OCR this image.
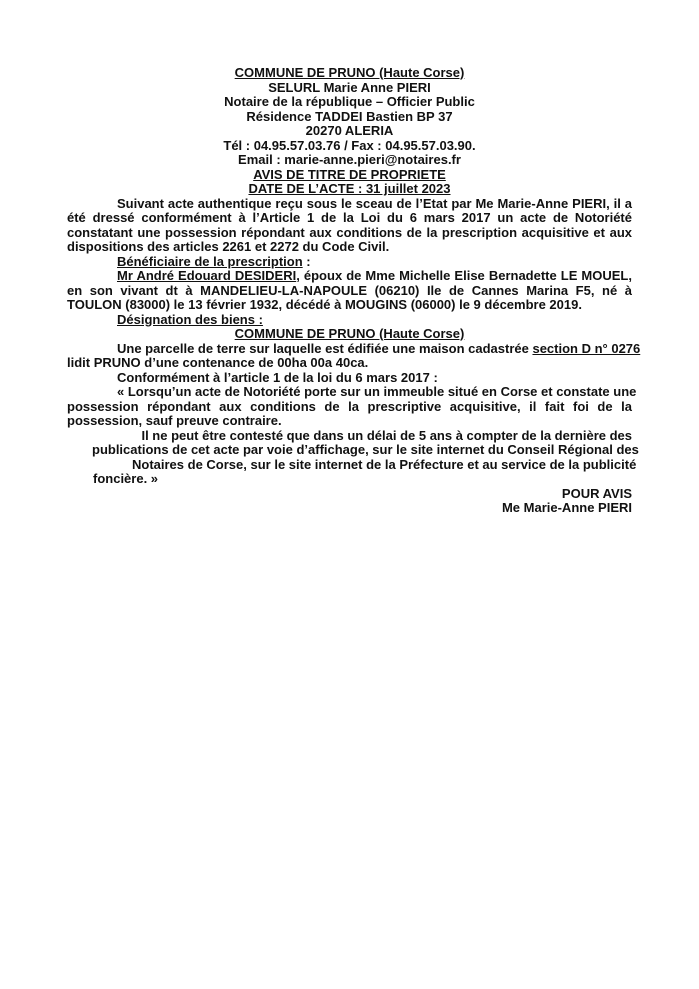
COMMUNE DE PRUNO (Haute Corse)
SELURL Marie Anne PIERI
Notaire de la république – Officier Public
Résidence TADDEI Bastien BP 37
20270 ALERIA
Tél : 04.95.57.03.76 / Fax : 04.95.57.03.90.
Email : marie-anne.pieri@notaires.fr
AVIS DE TITRE DE PROPRIETE
DATE DE L’ACTE : 31 juillet 2023
Suivant acte authentique reçu sous le sceau de l’Etat par Me Marie-Anne PIERI, il a
été dressé conformément à l’Article 1 de la Loi du 6 mars 2017 un acte de Notoriété
constatant une possession répondant aux conditions de la prescription acquisitive et aux
dispositions des articles 2261 et 2272 du Code Civil.
Bénéficiaire de la prescription :
Mr André Edouard DESIDERI, époux de Mme Michelle Elise Bernadette LE MOUEL,
en son vivant dt à MANDELIEU-LA-NAPOULE (06210) Ile de Cannes Marina F5, né à
TOULON (83000) le 13 février 1932, décédé à MOUGINS (06000) le 9 décembre 2019.
Désignation des biens :
COMMUNE DE PRUNO (Haute Corse)
Une parcelle de terre sur laquelle est édifiée une maison cadastrée section D n° 0276
lidit PRUNO d’une contenance de 00ha 00a 40ca.
Conformément à l’article 1 de la loi du 6 mars 2017 :
« Lorsqu’un acte de Notoriété porte sur un immeuble situé en Corse et constate une
possession répondant aux conditions de la prescriptive acquisitive, il fait foi de la
possession, sauf preuve contraire.
Il ne peut être contesté que dans un délai de 5 ans à compter de la dernière des
publications de cet acte par voie d’affichage, sur le site internet du Conseil Régional des
Notaires de Corse, sur le site internet de la Préfecture et au service de la publicité
foncière. »
POUR AVIS
Me Marie-Anne PIERI
